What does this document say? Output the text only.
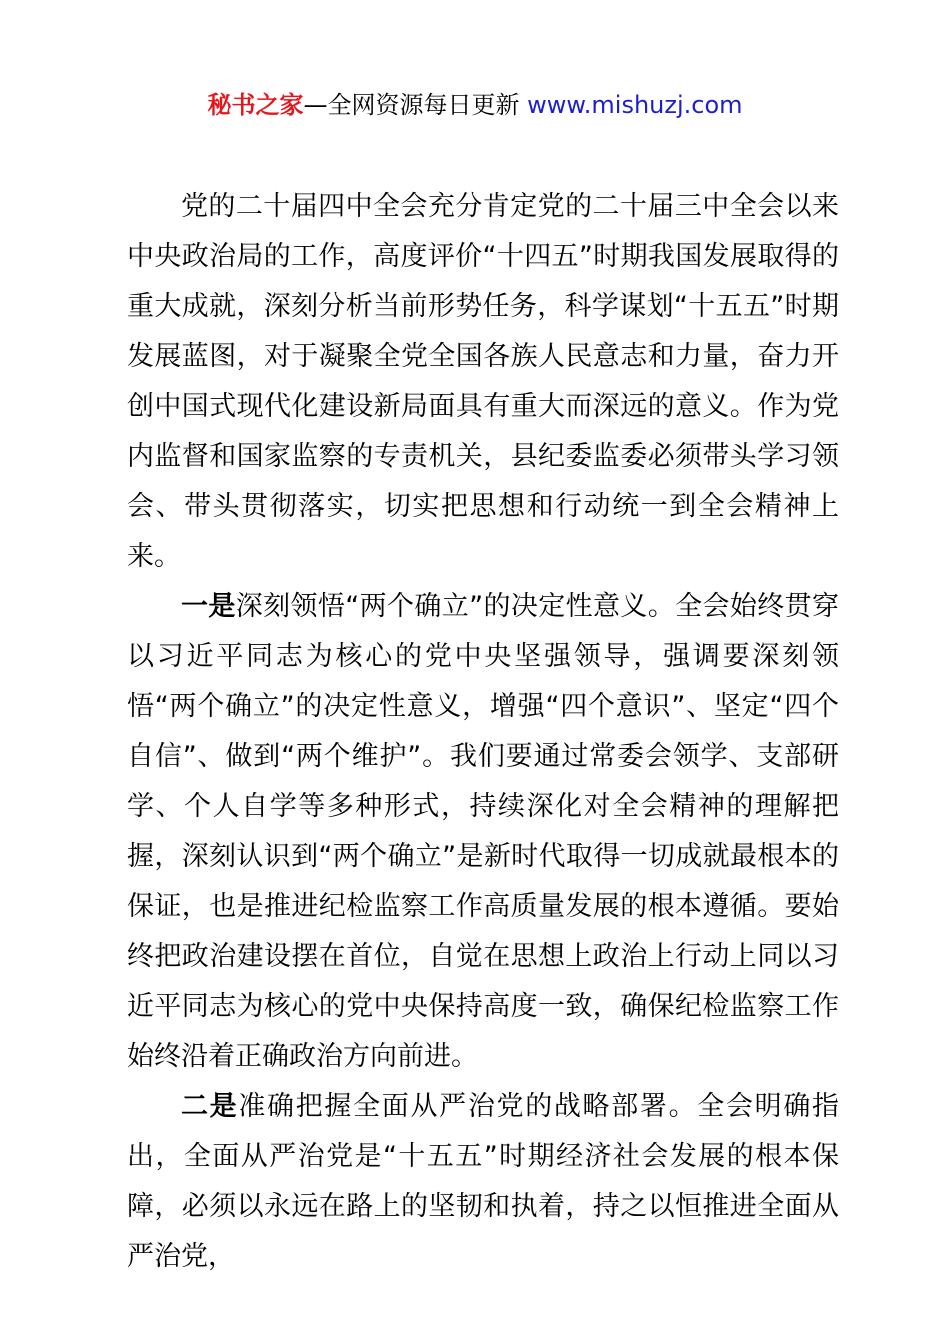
秘书之家—全网资源每日更新 www.mishuzj.com

党的二十届四中全会充分肯定党的二十届三中全会以来中央政治局的工作，高度评价“十四五”时期我国发展取得的重大成就，深刻分析当前形势任务，科学谋划“十五五”时期发展蓝图，对于凝聚全党全国各族人民意志和力量，奋力开创中国式现代化建设新局面具有重大而深远的意义。作为党内监督和国家监察的专责机关，县纪委监委必须带头学习领会、带头贯彻落实，切实把思想和行动统一到全会精神上来。

一是深刻领悟“两个确立”的决定性意义。全会始终贯穿以习近平同志为核心的党中央坚强领导，强调要深刻领悟“两个确立”的决定性意义，增强“四个意识”、坚定“四个自信”、做到“两个维护”。我们要通过常委会领学、支部研学、个人自学等多种形式，持续深化对全会精神的理解把握，深刻认识到“两个确立”是新时代取得一切成就最根本的保证，也是推进纪检监察工作高质量发展的根本遵循。要始终把政治建设摆在首位，自觉在思想上政治上行动上同以习近平同志为核心的党中央保持高度一致，确保纪检监察工作始终沿着正确政治方向前进。

二是准确把握全面从严治党的战略部署。全会明确指出，全面从严治党是“十五五”时期经济社会发展的根本保障，必须以永远在路上的坚韧和执着，持之以恒推进全面从严治党，
